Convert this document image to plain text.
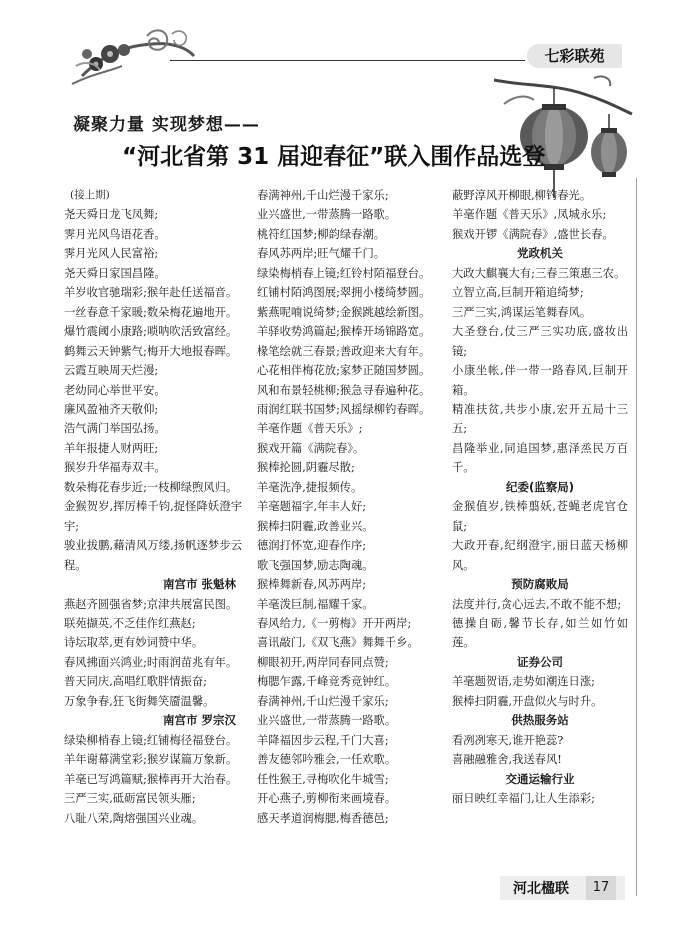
七彩联苑
凝聚力量 实现梦想——
“河北省第 31 届迎春征”联入围作品选登
(接上期)
尧天舜日龙飞凤舞;
霁月光风鸟语花香。
霁月光风人民富裕;
尧天舜日家国昌隆。
羊岁收官驰瑞彩;猴年赴任送福音。
一丝春意千家暖;数朵梅花遍地开。
爆竹震阈小康路;唢呐吹活致富经。
鹤舞云天钟紫气;梅开大地报春晖。
云霞互映周天烂漫;
老幼同心举世平安。
廉风盈袖齐天敬仰;
浩气满门举国弘扬。
羊年报捷人财两旺;
猴岁升华福寿双丰。
数朵梅花春步近;一枝柳绿煦风归。
金猴贺岁,挥厉棒千钧,捉怪降妖澄宇宇;
骏业拔鹏,藉清风万缕,扬帆逐梦步云程。
南宫市 张魁林
燕赵齐圆强省梦;京津共展富民图。
联苑撷英,不乏佳作红燕赵;
诗坛取萃,更有妙词赞中华。
春风拂面兴鸿业;时雨润苗兆有年。
普天同庆,高唱红歌胖情振奋;
万象争春,狂飞街舞笑靥温馨。
南宫市 罗宗汉
绿染柳梢春上镜;红铺梅径福登台。
羊年谢幕满堂彩;猴岁谋篇万象新。
羊毫已写鸿篇赋;猴棒再开大治春。
三严三实,砥砺富民领头雁;
八耻八荣,陶熔强国兴业魂。
春满神州,千山烂漫千家乐;
业兴盛世,一带蒸腾一路歌。
桃符红国梦;柳韵绿春潮。
春风苏两岸;旺气耀千门。
绿染梅梢春上镜;红铃村陌福登台。
红铺村陌鸿图展;翠拥小楼绮梦圆。
紫燕呢喃说绮梦;金猴跳越绘新图。
羊驿收势鸿篇起;猴棒开场锦路宽。
椽笔绘就三春景;善政迎来大有年。
心花相伴梅花放;家梦正随国梦圆。
风和布景轻桃柳;猴急寻春遍种花。
雨润红联书国梦;风摇绿柳钓春晖。
羊毫作题《普天乐》;
猴戏开篇《满院春》。
猴棒抡圆,阴霾尽散;
羊毫洗净,捷报频传。
羊毫题福字,年丰人好;
猴棒扫阴霾,政善业兴。
德润打怀宽,迎春作序;
歌飞强国梦,励志陶魂。
猴棒舞新春,风苏两岸;
羊毫泼巨制,福耀千家。
春风给力,《一剪梅》开开两岸;
喜讯敲门,《双飞燕》舞舞千乡。
柳眼初开,两岸同春同点赞;
梅腮乍露,千峰竞秀竞钟红。
春满神州,千山烂漫千家乐;
业兴盛世,一带蒸腾一路歌。
羊降福因步云程,千门大喜;
善友德邻吟雅会,一任欢歌。
任性猴王,寻梅吹化牛城雪;
开心燕子,剪柳衔来画境春。
感天孝道润梅腮,梅香德邑;
蔽野淳风开柳眼,柳钓春光。
羊毫作题《普天乐》,凤城永乐;
猴戏开锣《满院春》,盛世长春。
党政机关
大政大麒襄大有;三春三策惠三农。
立智立高,巨制开箱追绮梦;
三严三实,鸿谋运笔舞春风。
大圣登台,仗三严三实功底,盛妆出镜;
小康坐帐,伴一带一路春风,巨制开箱。
精准扶贫,共步小康,宏开五局十三五;
昌隆举业,同追国梦,惠泽烝民万百千。
纪委(监察局)
金猴值岁,铁棒翦妖,苍蝇老虎官仓鼠;
大政开春,纪纲澄宇,丽日蓝天杨柳风。
预防腐败局
法度并行,贪心远去,不敢不能不想;
德操自砺,馨节长存,如兰如竹如莲。
证券公司
羊毫题贺语,走势如潮连日涨;
猴棒扫阴霾,开盘似火与时升。
供热服务站
看冽冽寒天,谁开艳蕊?
喜融融雅舍,我送春风!
交通运输行业
丽日映红幸福门,让人生添彩;
河北楹联	17
